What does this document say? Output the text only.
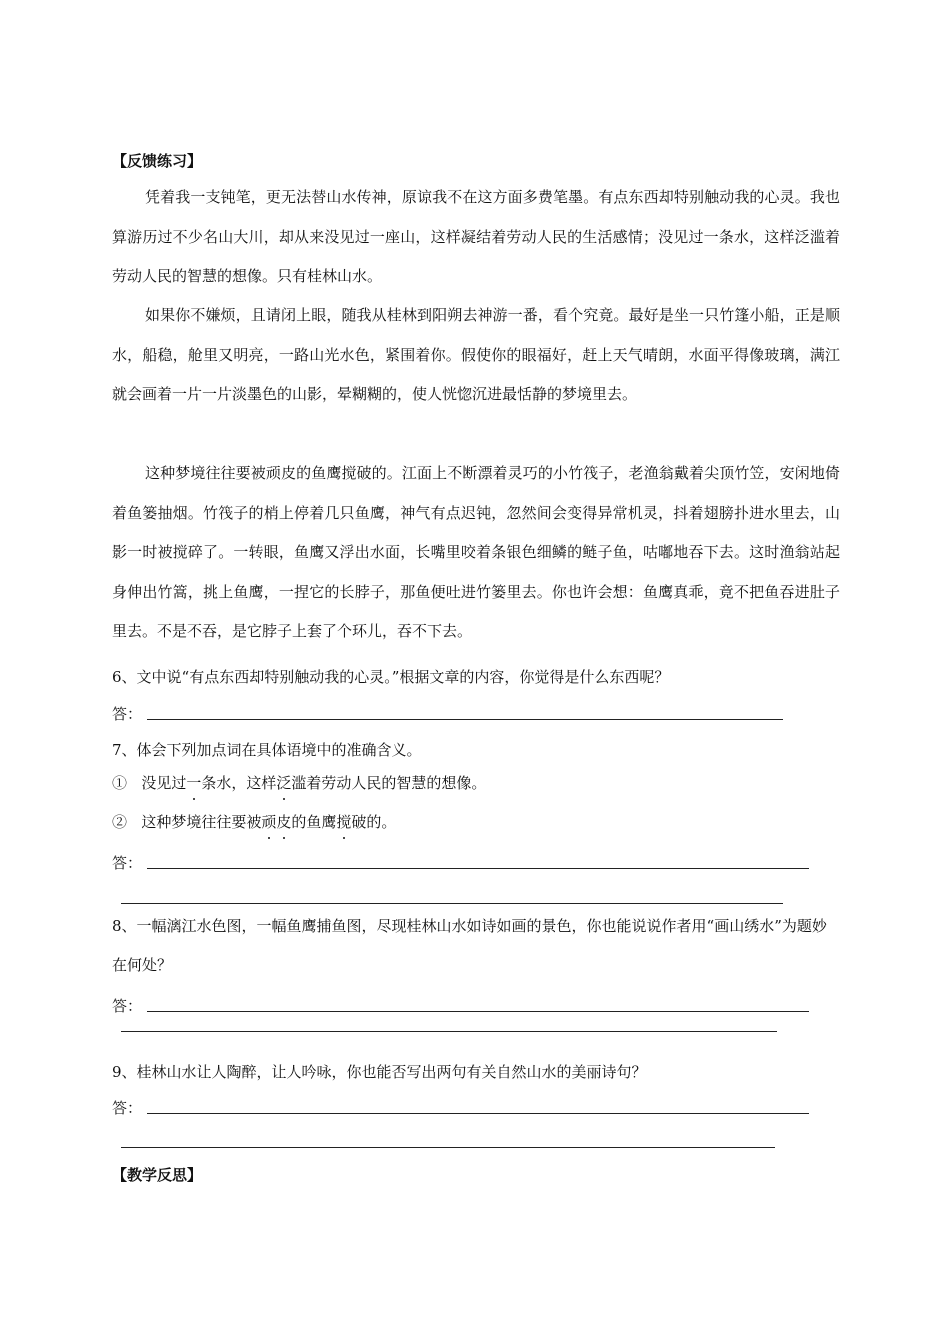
【反馈练习】

凭着我一支钝笔，更无法替山水传神，原谅我不在这方面多费笔墨。有点东西却特别触动我的心灵。我也算游历过不少名山大川，却从来没见过一座山，这样凝结着劳动人民的生活感情；没见过一条水，这样泛滥着劳动人民的智慧的想像。只有桂林山水。

如果你不嫌烦，且请闭上眼，随我从桂林到阳朔去神游一番，看个究竟。最好是坐一只竹篷小船，正是顺水，船稳，舱里又明亮，一路山光水色，紧围着你。假使你的眼福好，赶上天气晴朗，水面平得像玻璃，满江就会画着一片一片淡墨色的山影，晕糊糊的，使人恍惚沉进最恬静的梦境里去。

这种梦境往往要被顽皮的鱼鹰搅破的。江面上不断漂着灵巧的小竹筏子，老渔翁戴着尖顶竹笠，安闲地倚着鱼篓抽烟。竹筏子的梢上停着几只鱼鹰，神气有点迟钝，忽然间会变得异常机灵，抖着翅膀扑进水里去，山影一时被搅碎了。一转眼，鱼鹰又浮出水面，长嘴里咬着条银色细鳞的鲢子鱼，咕嘟地吞下去。这时渔翁站起身伸出竹篙，挑上鱼鹰，一捏它的长脖子，那鱼便吐进竹篓里去。你也许会想：鱼鹰真乖，竟不把鱼吞进肚子里去。不是不吞，是它脖子上套了个环儿，吞不下去。

6、文中说“有点东西却特别触动我的心灵。”根据文章的内容，你觉得是什么东西呢？
答：
7、体会下列加点词在具体语境中的准确含义。
① 没见过一条水，这样泛滥着劳动人民的智慧的想像。
② 这种梦境往往要被顽皮的鱼鹰搅破的。
答：

8、一幅漓江水色图，一幅鱼鹰捕鱼图，尽现桂林山水如诗如画的景色，你也能说说作者用“画山绣水”为题妙在何处？

答：
9、桂林山水让人陶醉，让人吟咏，你也能否写出两句有关自然山水的美丽诗句？
答：
【教学反思】
